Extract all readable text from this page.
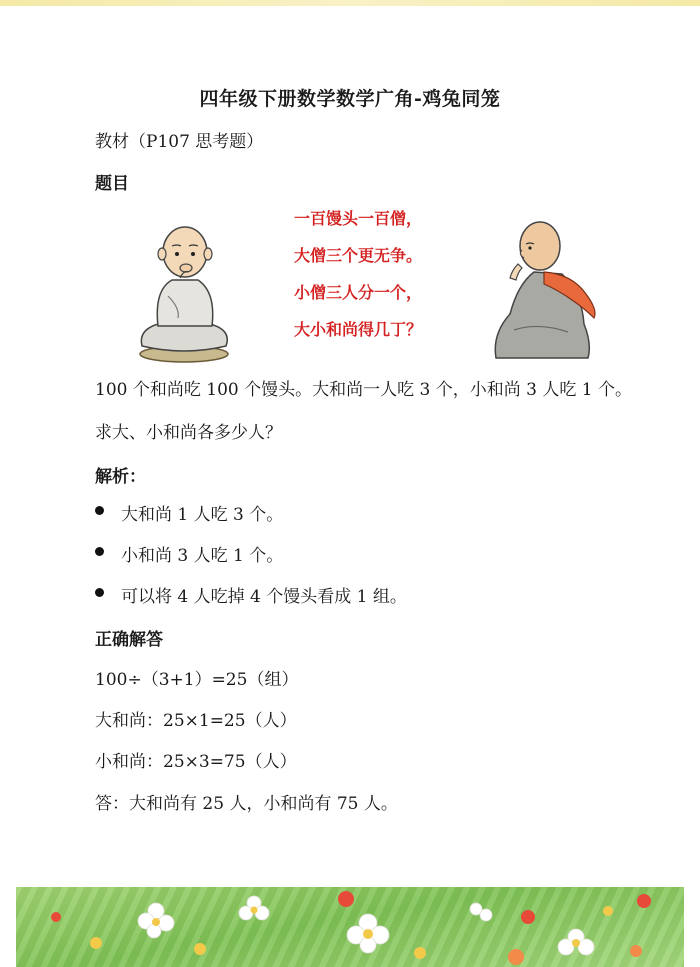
四年级下册数学数学广角-鸡兔同笼
教材（P107 思考题）
题目
一百馒头一百僧，
大僧三个更无争。
小僧三人分一个，
大小和尚得几丁？
100 个和尚吃 100 个馒头。大和尚一人吃 3 个，小和尚 3 人吃 1 个。
求大、小和尚各多少人？
解析：
大和尚 1 人吃 3 个。
小和尚 3 人吃 1 个。
可以将 4 人吃掉 4 个馒头看成 1 组。
正确解答
100÷（3+1）=25（组）
大和尚：25×1=25（人）
小和尚：25×3=75（人）
答：大和尚有 25 人，小和尚有 75 人。
